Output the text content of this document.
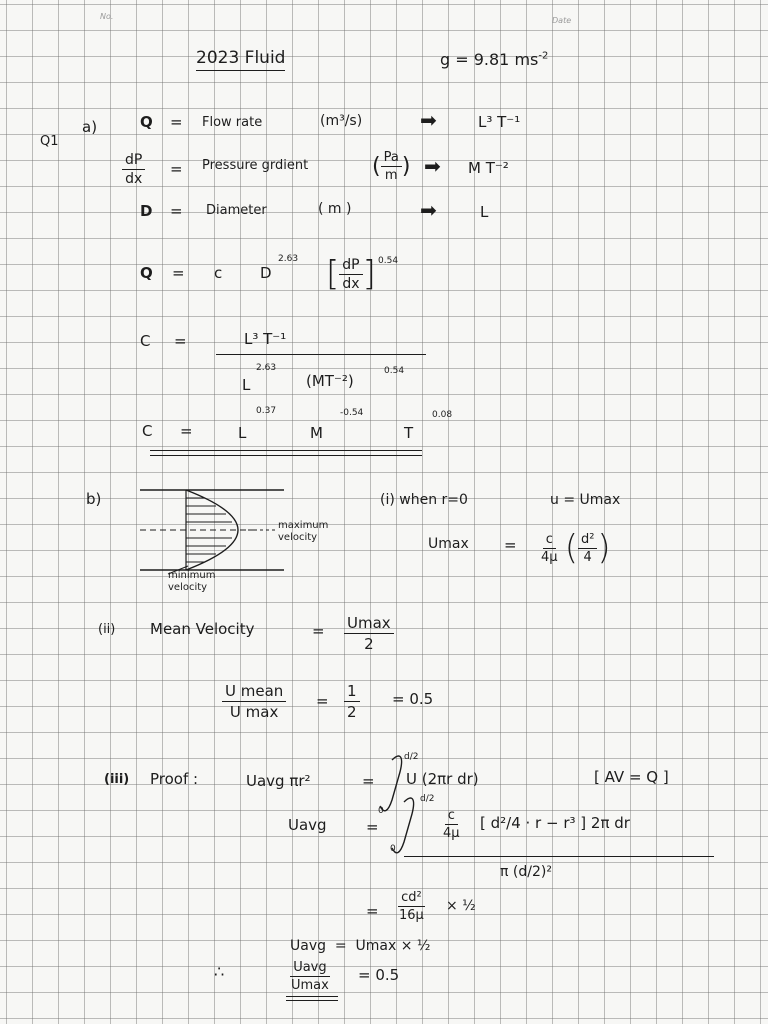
No.	Date
2023 Fluid	g = 9.81 $ms^{-2}$
Q1
a)	Q = Flow rate	(m³/s)	➡	L³ T⁻¹
$\frac{dP}{dx}$ = Pressure grdient	( $\frac{Pa}{m}$ ) ➡ M T⁻²
D = Diameter	( m )	➡	L
Q = c	D
2.63 [ $\frac{dP}{dx}$ ] 0.54
C =	L³ T⁻¹
L
2.63
(MT⁻²)
0.54
C =	L
0.37
M
-0.54
T
0.08
b)
maximum velocity
minimum velocity
(i) when r=0	u = Umax
$Umax = \frac{c}{4\mu}$ ( $\frac{\text{d²}}{4}$ )
(ii) Mean Velocity	= $\frac{Umax}{2}$
$\frac{\text{U mean}}{\text{U max}} = \frac{1}{2} = 0.5$
(iii) Proof :	Uavg πr²	=
d/2
0
U (2πr dr)	[ AV = Q ]
Uavg	=
d/2
0
$\frac{c}{4\mu}$ [ d²/4 · r − r³ ] 2π dr
π (d/2)²
= $\frac{\text{cd²}}{16\mu}$ × ½
Uavg  =  Umax × ½
∴	$\frac{\text{Uavg}}{Umax} = 0.5$
